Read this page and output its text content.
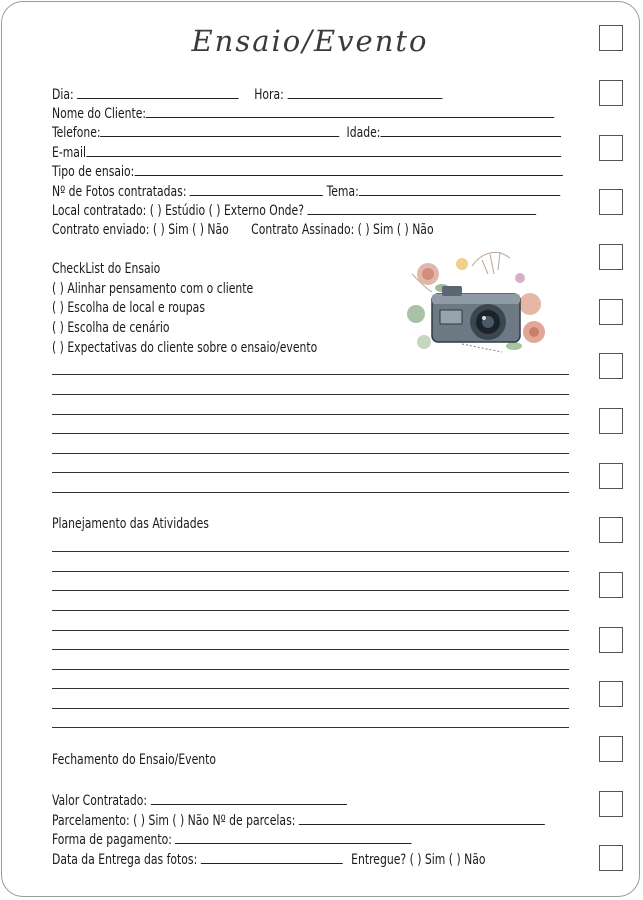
Ensaio/Evento
Dia:	Hora:
Nome do Cliente:
Telefone:	Idade:
E-mail
Tipo de ensaio:
Nº de Fotos contratadas:	Tema:
Local contratado: ( ) Estúdio ( ) Externo Onde?
Contrato enviado: ( ) Sim ( ) Não Contrato Assinado: ( ) Sim ( ) Não
CheckList do Ensaio
( ) Alinhar pensamento com o cliente
( ) Escolha de local e roupas
( ) Escolha de cenário
( ) Expectativas do cliente sobre o ensaio/evento
Planejamento das Atividades
Fechamento do Ensaio/Evento
Valor Contratado:
Parcelamento: ( ) Sim ( ) Não Nº de parcelas:
Forma de pagamento:
Data da Entrega das fotos:	Entregue? ( ) Sim ( ) Não
